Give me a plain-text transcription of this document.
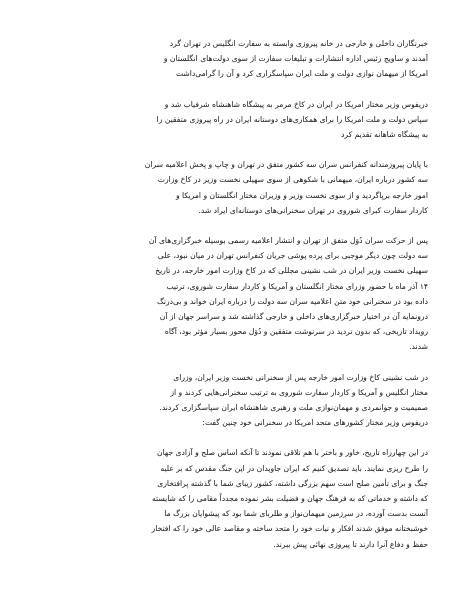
خبرنگاران داخلی و خارجی در خانه پیروزی وابسته به سفارت انگلیس در تهران گرد
آمدند و ساویج رئیس اداره انتشارات و تبلیغات سفارت از سوی دولت‌های انگلستان و
امریکا از میهمان نوازی دولت و ملت ایران سپاسگزاری کرد و آن را گرامی‌داشت
دریفوس وزیر مختار امریکا در ایران در کاخ مرمر به پیشگاه شاهنشاه شرفیاب شد و
سپاس دولت و ملت امریکا را برای همکاری‌های دوستانه ایران در راه پیروزی متفقین را
به پیشگاه شاهانه تقدیم کرد
با پایان پیروزمندانه کنفرانس سران سه کشور متفق در تهران و چاپ و پخش اعلامیه سران
سه کشور درباره ایران، میهمانی با شکوهی از سوی سهیلی نخست وزیر در کاخ وزارت
امور خارجه برپاگردید و از سوی نخست وزیر و وزیران مختار انگلستان و امریکا و
کاردار سفارت کبرای شوروی در تهران سخنرانی‌های دوستانه‌ای ایراد شد.
پس از حرکت سران دُوَل متفق از تهران و انتشار اعلامیه رسمی بوسیله خبرگزاری‌های آن
سه دولت چون دیگر موجبی برای پرده پوشی جریان کنفرانس تهران در میان نبود، علی
سهیلی نخست وزیر ایران در شب نشینی مجللی که در کاخ وزارت امور خارجه، در تاریخ
۱۴ آذر ماه با حضور وزرای مختار انگلستان و آمریکا و کاردار سفارت شوروی، ترتیب
داده بود در سخنرانی خود متن اعلامیه سران سه دولت را درباره ایران خواند و بی‌درنگ
درونمایه آن در اختیار خبرگزاری‌های داخلی و خارجی گذاشته شد و سراسر جهان از آن
رویداد تاریخی، که بدون تردید در سرنوشت متفقین و دُوَل محور بسیار مؤثر بود، آگاه
شدند.
در شب نشینی کاخ وزارت امور خارجه پس از سخنرانی نخست وزیر ایران، وزرای
مختار انگلیس و آمریکا و کاردار سفارت شوروی به ترتیب سخنرانی‌هایی کردند و از
صمیمیت و جوانمردی و مهمان‌نوازی ملت و رهبری شاهنشاه ایران سپاسگزاری کردند.
دریفوس وزیر مختار کشورهای متحد امریکا در سخنرانی خود چنین گفت:
در این چهارراه تاریخ، خاور و باختر با هم تلاقی نمودند تا آنکه اساس صلح و آزادی جهان
را طرح ریزی نمایند. باید تصدیق کنیم که ایران جاویدان در این جنگ مقدس که بر علیه
جنگ و برای تأمین صلح است سهم بزرگی داشته، کشور زیبای شما با گذشته پرافتخاری
که داشته و خدماتی که به فرهنگ جهان و فضیلت بشر نموده مجدداً مقامی را که شایسته
آنست بدست آورده، در سرزمین میهمان‌نواز و طلربای شما بود که پیشوایان بزرگ ما
خوشبختانه موفق شدند افکار و نیات خود را متحد ساخته و مقاصد عالی خود را که افتخار
حفظ و دفاع آنرا دارند تا پیروزی نهائی پیش ببرند.
